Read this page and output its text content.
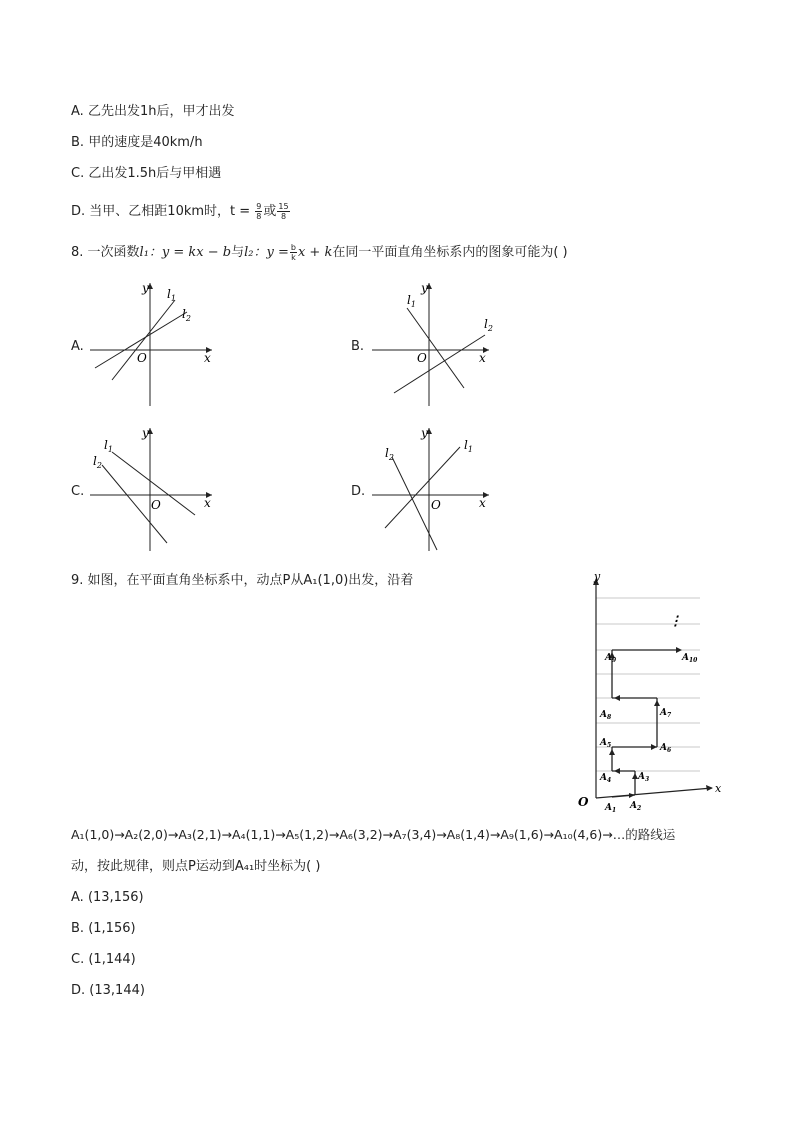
A. 乙先出发1h后，甲才出发
B. 甲的速度是40km/h
C. 乙出发1.5h后与甲相遇
D. 当甲、乙相距10km时，$t = \frac{9}{8}$ 或 $\frac{15}{8}$
8. 一次函数l₁：y = kx − b与l₂：$y = \frac{b}{k}$ x + k在同一平面直角坐标系内的图象可能为( )
A.
x
y
O
$l_1$
$l_2$
B.
x
y
O
$l_1$
$l_2$
C.
x
y
O
$l_1$
$l_2$
D.
x
y
O
$l_1$
$l_2$
9. 如图，在平面直角坐标系中，动点P从A₁(1,0)出发，沿着
x
y
O
⋮
$A_1$ $A_2$
$A_3$
$A_4$
$A_5$	$A_6$
$A_7$
$A_8$
$A_9$	$A_{10}$
A₁(1,0)→A₂(2,0)→A₃(2,1)→A₄(1,1)→A₅(1,2)→A₆(3,2)→A₇(3,4)→A₈(1,4)→A₉(1,6)→A₁₀(4,6)→…的路线运
动，按此规律，则点P运动到A₄₁时坐标为( )
A. (13,156)
B. (1,156)
C. (1,144)
D. (13,144)
